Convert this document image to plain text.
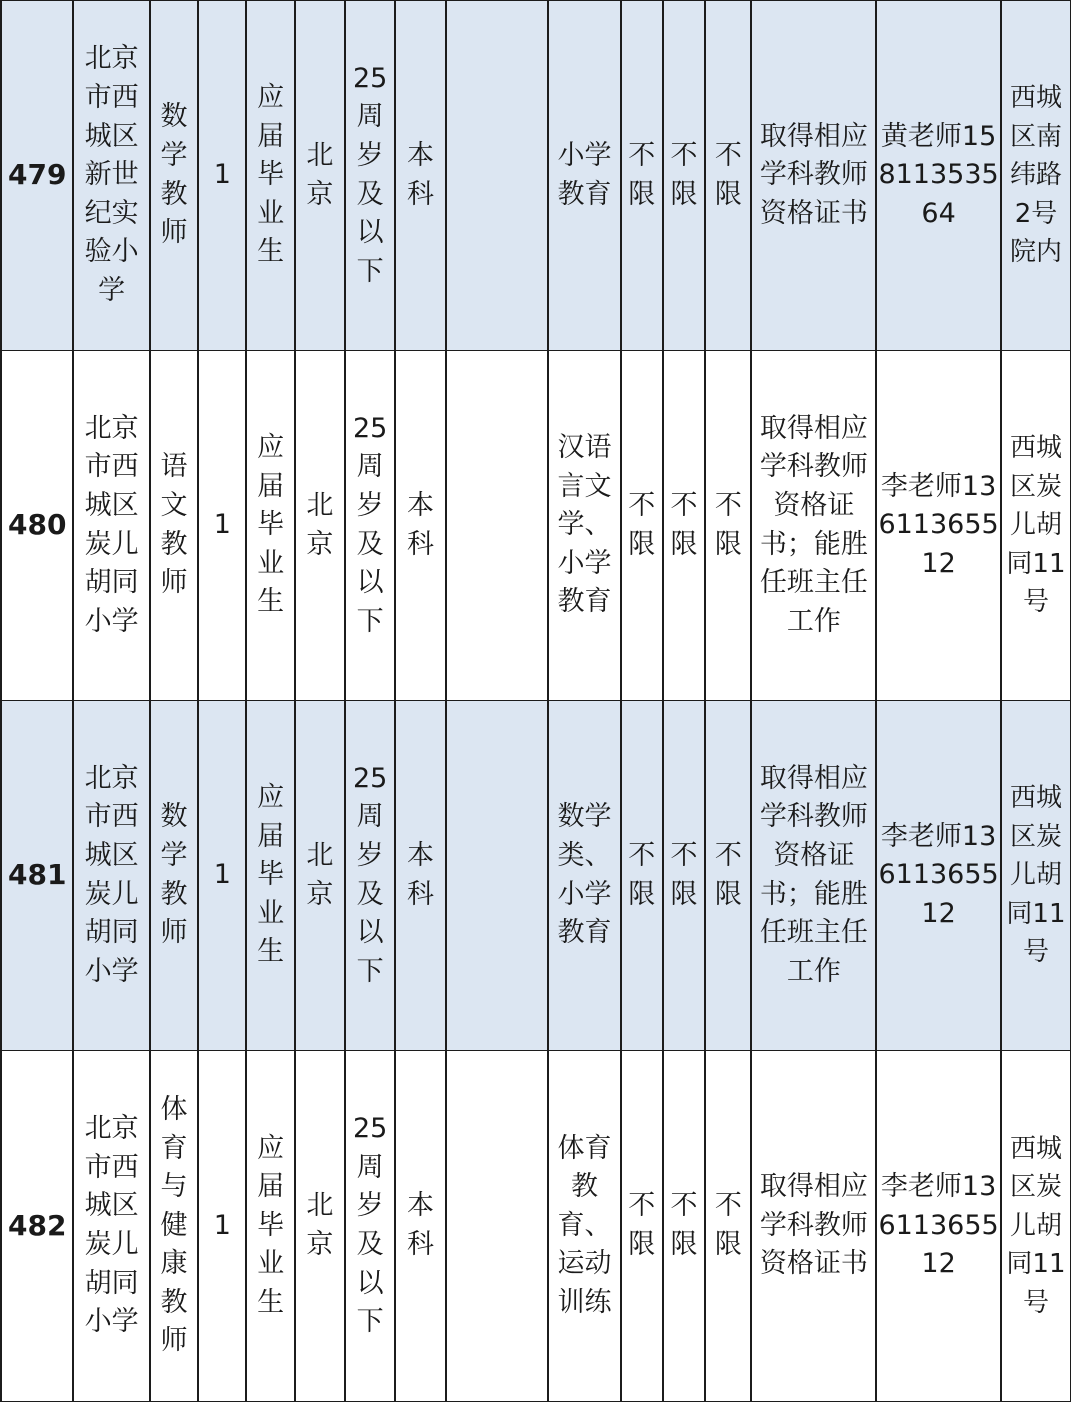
479	北京市西城区新世纪实验小学	数学教师	1	应届毕业生	北京	25周岁及以下	本科		小学教育	不限	不限	不限	取得相应学科教师资格证书	黄老师15811353564	西城区南纬路2号院内
480	北京市西城区炭儿胡同小学	语文教师	1	应届毕业生	北京	25周岁及以下	本科		汉语言文学、小学教育	不限	不限	不限	取得相应学科教师资格证书；能胜任班主任工作	李老师13611365512	西城区炭儿胡同11号
481	北京市西城区炭儿胡同小学	数学教师	1	应届毕业生	北京	25周岁及以下	本科		数学类、小学教育	不限	不限	不限	取得相应学科教师资格证书；能胜任班主任工作	李老师13611365512	西城区炭儿胡同11号
482	北京市西城区炭儿胡同小学	体育与健康教师	1	应届毕业生	北京	25周岁及以下	本科		体育教育、运动训练	不限	不限	不限	取得相应学科教师资格证书	李老师13611365512	西城区炭儿胡同11号
